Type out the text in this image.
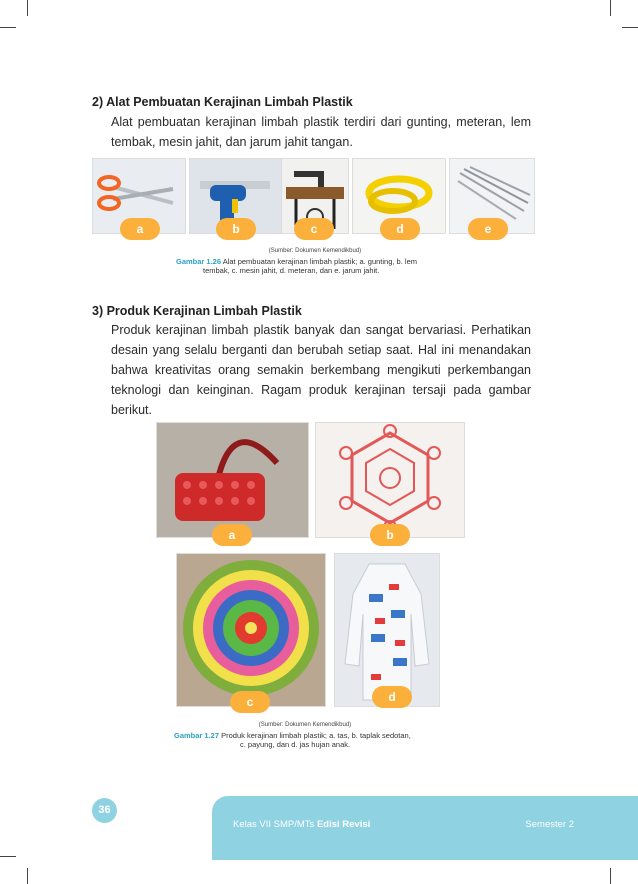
2) Alat Pembuatan Kerajinan Limbah Plastik
Alat pembuatan kerajinan limbah plastik terdiri dari gunting, meteran, lem tembak, mesin jahit, dan jarum jahit tangan.
a	b	c	d	e
(Sumber: Dokumen Kemendikbud)
Gambar 1.26 Alat pembuatan kerajinan limbah plastik; a. gunting, b. lem
tembak, c. mesin jahit, d. meteran, dan e. jarum jahit.
3) Produk Kerajinan Limbah Plastik
Produk kerajinan limbah plastik banyak dan sangat bervariasi. Perhatikan desain yang selalu berganti dan berubah setiap saat. Hal ini menandakan bahwa kreativitas orang semakin berkembang mengikuti perkembangan teknologi dan keinginan. Ragam produk kerajinan tersaji pada gambar berikut.
a	b
c	d
(Sumber: Dokumen Kemendikbud)
Gambar 1.27 Produk kerajinan limbah plastik; a. tas, b. taplak sedotan,
c. payung, dan d. jas hujan anak.
36
Kelas VII SMP/MTs Edisi Revisi	Semester 2
